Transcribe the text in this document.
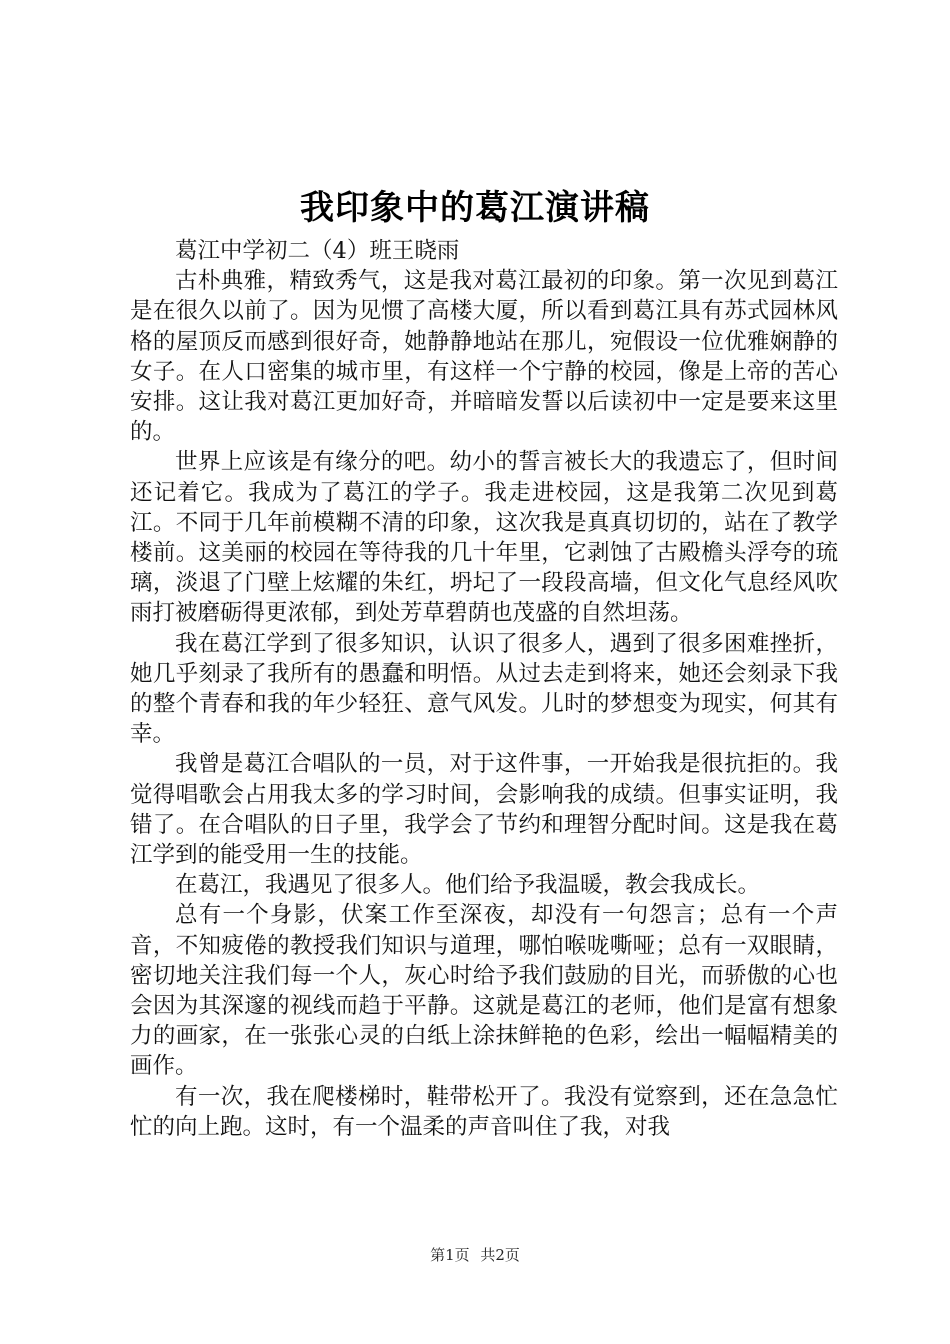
我印象中的葛江演讲稿

葛江中学初二（4）班王晓雨

古朴典雅，精致秀气，这是我对葛江最初的印象。第一次见到葛江是在很久以前了。因为见惯了高楼大厦，所以看到葛江具有苏式园林风格的屋顶反而感到很好奇，她静静地站在那儿，宛假设一位优雅娴静的女子。在人口密集的城市里，有这样一个宁静的校园，像是上帝的苦心安排。这让我对葛江更加好奇，并暗暗发誓以后读初中一定是要来这里的。

世界上应该是有缘分的吧。幼小的誓言被长大的我遗忘了，但时间还记着它。我成为了葛江的学子。我走进校园，这是我第二次见到葛江。不同于几年前模糊不清的印象，这次我是真真切切的，站在了教学楼前。这美丽的校园在等待我的几十年里，它剥蚀了古殿檐头浮夸的琉璃，淡退了门壁上炫耀的朱红，坍圮了一段段高墙，但文化气息经风吹雨打被磨砺得更浓郁，到处芳草碧荫也茂盛的自然坦荡。

我在葛江学到了很多知识，认识了很多人，遇到了很多困难挫折，她几乎刻录了我所有的愚蠢和明悟。从过去走到将来，她还会刻录下我的整个青春和我的年少轻狂、意气风发。儿时的梦想变为现实，何其有幸。

我曾是葛江合唱队的一员，对于这件事，一开始我是很抗拒的。我觉得唱歌会占用我太多的学习时间，会影响我的成绩。但事实证明，我错了。在合唱队的日子里，我学会了节约和理智分配时间。这是我在葛江学到的能受用一生的技能。

在葛江，我遇见了很多人。他们给予我温暖，教会我成长。

总有一个身影，伏案工作至深夜，却没有一句怨言；总有一个声音，不知疲倦的教授我们知识与道理，哪怕喉咙嘶哑；总有一双眼睛，密切地关注我们每一个人，灰心时给予我们鼓励的目光，而骄傲的心也会因为其深邃的视线而趋于平静。这就是葛江的老师，他们是富有想象力的画家，在一张张心灵的白纸上涂抹鲜艳的色彩，绘出一幅幅精美的画作。

有一次，我在爬楼梯时，鞋带松开了。我没有觉察到，还在急急忙忙的向上跑。这时，有一个温柔的声音叫住了我，对我

第1页 共2页
